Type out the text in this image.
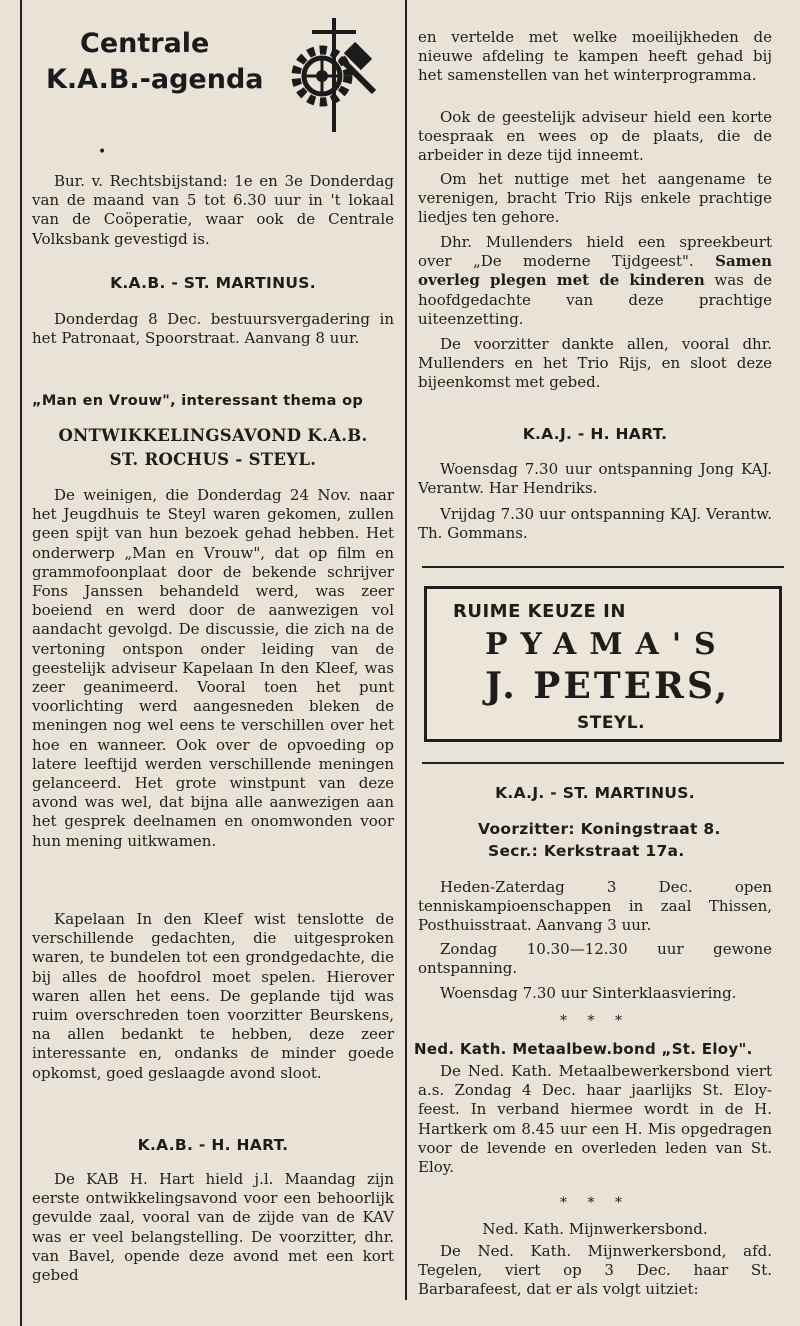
Centrale
K.A.B.-agenda
•

Bur. v. Rechtsbijstand: 1e en 3e Donderdag van de maand van 5 tot 6.30 uur in 't lokaal van de Coöperatie, waar ook de Centrale Volksbank gevestigd is.

K.A.B. - ST. MARTINUS.

Donderdag 8 Dec. bestuursvergadering in het Patronaat, Spoorstraat. Aanvang 8 uur.

„Man en Vrouw", interessant thema op
ONTWIKKELINGSAVOND K.A.B.
ST. ROCHUS - STEYL.

De weinigen, die Donderdag 24 Nov. naar het Jeugdhuis te Steyl waren gekomen, zullen geen spijt van hun bezoek gehad hebben. Het onderwerp „Man en Vrouw", dat op film en grammofoonplaat door de bekende schrijver Fons Janssen behandeld werd, was zeer boeiend en werd door de aanwezigen vol aandacht gevolgd. De discussie, die zich na de vertoning ontspon onder leiding van de geestelijk adviseur Kapelaan In den Kleef, was zeer geanimeerd. Vooral toen het punt voorlichting werd aangesneden bleken de meningen nog wel eens te verschillen over het hoe en wanneer. Ook over de opvoeding op latere leeftijd werden verschillende meningen gelanceerd. Het grote winstpunt van deze avond was wel, dat bijna alle aanwezigen aan het gesprek deelnamen en onomwonden voor hun mening uitkwamen.

Kapelaan In den Kleef wist tenslotte de verschillende gedachten, die uitgesproken waren, te bundelen tot een grondgedachte, die bij alles de hoofdrol moet spelen. Hierover waren allen het eens. De geplande tijd was ruim overschreden toen voorzitter Beurskens, na allen bedankt te hebben, deze zeer interessante en, ondanks de minder goede opkomst, goed geslaagde avond sloot.

K.A.B. - H. HART.

De KAB H. Hart hield j.l. Maandag zijn eerste ontwikkelingsavond voor een behoorlijk gevulde zaal, vooral van de zijde van de KAV was er veel belangstelling. De voorzitter, dhr. van Bavel, opende deze avond met een kort gebed

en vertelde met welke moeilijkheden de nieuwe afdeling te kampen heeft gehad bij het samenstellen van het winterprogramma.

Ook de geestelijk adviseur hield een korte toespraak en wees op de plaats, die de arbeider in deze tijd inneemt.

Om het nuttige met het aangename te verenigen, bracht Trio Rijs enkele prachtige liedjes ten gehore.

Dhr. Mullenders hield een spreekbeurt over „De moderne Tijdgeest". Samen overleg plegen met de kinderen was de hoofdgedachte van deze prachtige uiteenzetting.

De voorzitter dankte allen, vooral dhr. Mullenders en het Trio Rijs, en sloot deze bijeenkomst met gebed.

K.A.J. - H. HART.

Woensdag 7.30 uur ontspanning Jong KAJ. Verantw. Har Hendriks.

Vrijdag 7.30 uur ontspanning KAJ. Verantw. Th. Gommans.

RUIME KEUZE IN
PYAMA'S
J. PETERS,
STEYL.
K.A.J. - ST. MARTINUS.
Voorzitter: Koningstraat 8.
Secr.: Kerkstraat 17a.

Heden-Zaterdag 3 Dec. open tenniskampioenschappen in zaal Thissen, Posthuisstraat. Aanvang 3 uur.

Zondag 10.30—12.30 uur gewone ontspanning.

Woensdag 7.30 uur Sinterklaasviering.

* * *

Ned. Kath. Metaalbew.bond „St. Eloy".

De Ned. Kath. Metaalbewerkersbond viert a.s. Zondag 4 Dec. haar jaarlijks St. Eloy-feest. In verband hiermee wordt in de H. Hartkerk om 8.45 uur een H. Mis opgedragen voor de levende en overleden leden van St. Eloy.

* * *

Ned. Kath. Mijnwerkersbond.

De Ned. Kath. Mijnwerkersbond, afd. Tegelen, viert op 3 Dec. haar St. Barbarafeest, dat er als volgt uitziet:
